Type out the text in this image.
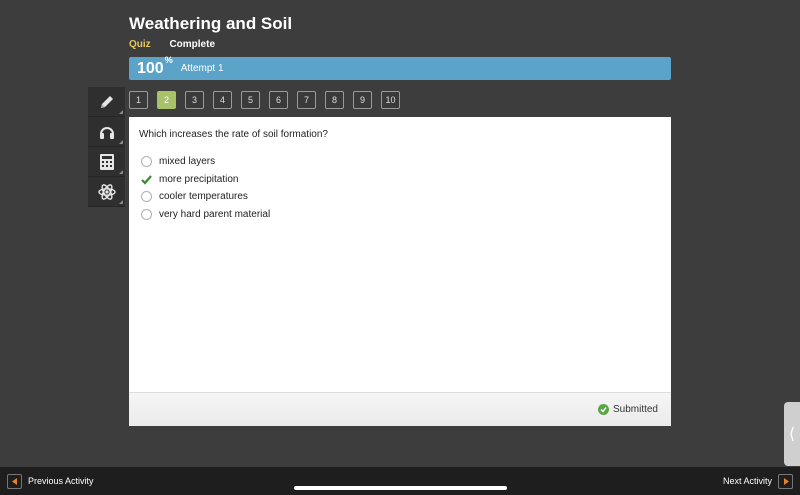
Weathering and Soil
Quiz Complete
100%
Attempt 1
1	2	3	4	5	6	7	8	9	10
Which increases the rate of soil formation?
mixed layers
more precipitation
cooler temperatures
very hard parent material
Submitted
⟨
Previous Activity	Next Activity
